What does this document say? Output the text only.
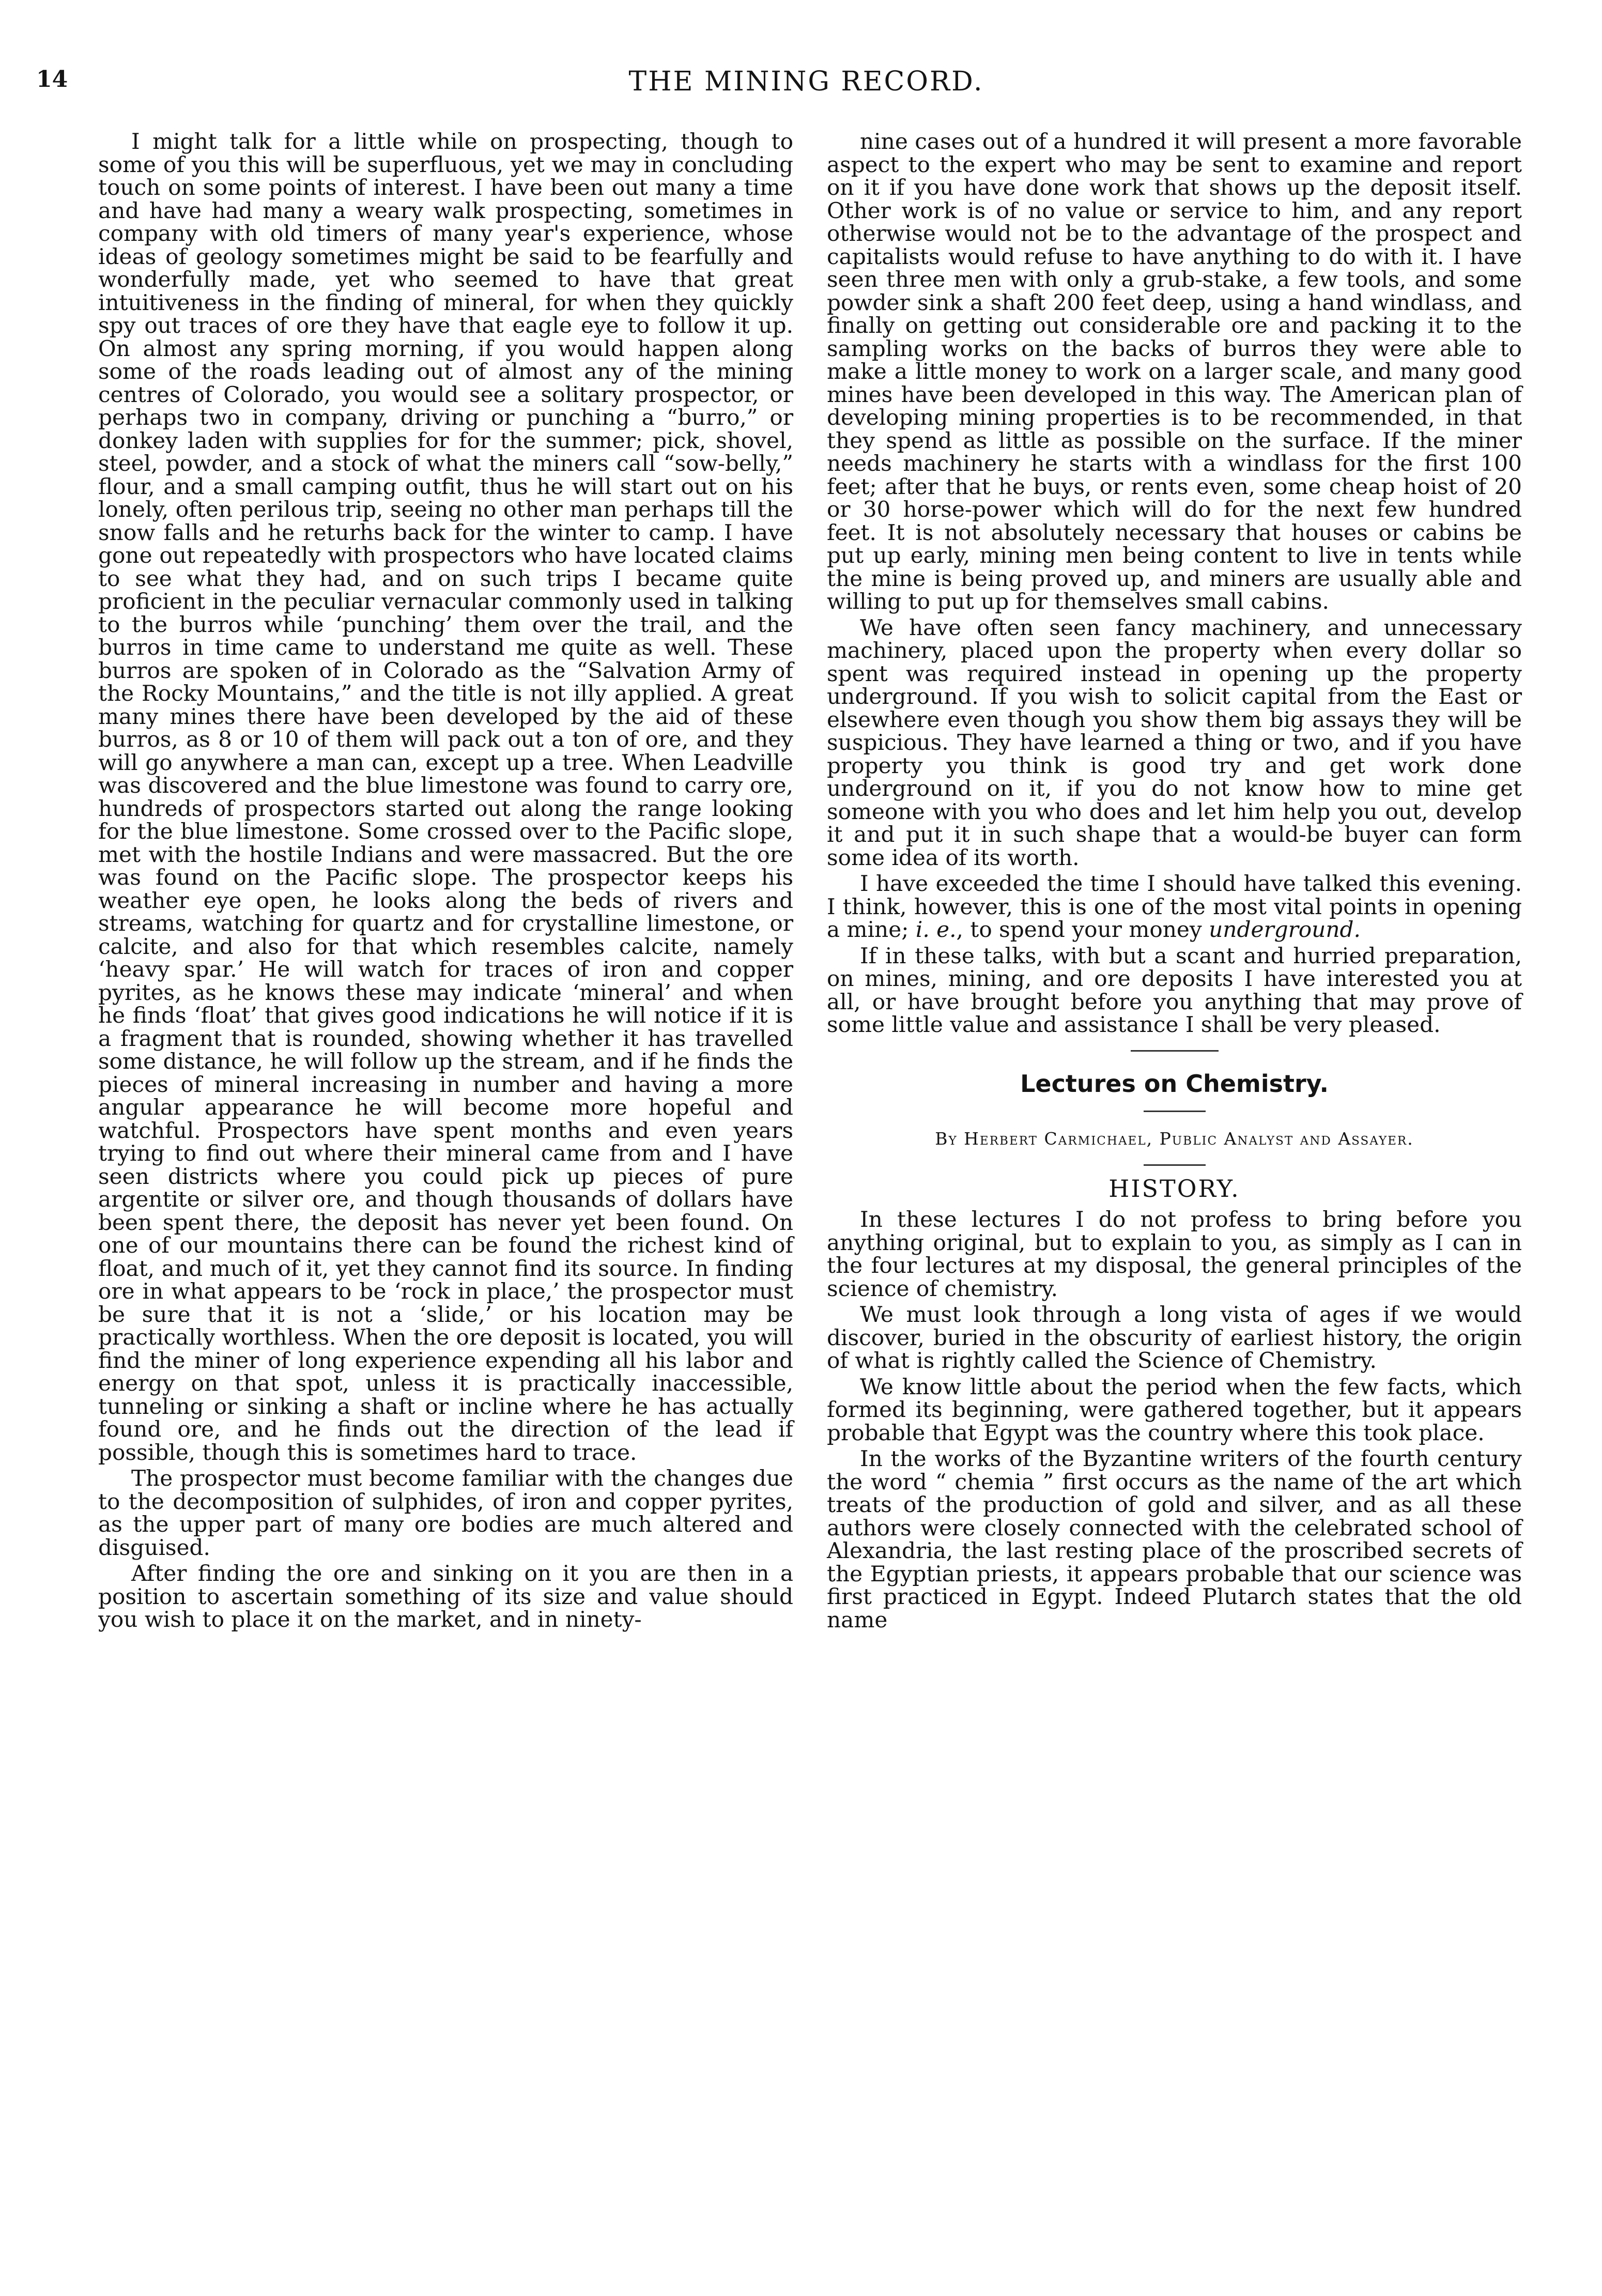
14	THE MINING RECORD.

I might talk for a little while on prospecting, though to some of you this will be superfluous, yet we may in concluding touch on some points of interest. I have been out many a time and have had many a weary walk prospecting, sometimes in company with old timers of many year's experience, whose ideas of geology sometimes might be said to be fearfully and wonderfully made, yet who seemed to have that great intuitiveness in the finding of mineral, for when they quickly spy out traces of ore they have that eagle eye to follow it up. On almost any spring morning, if you would happen along some of the roads leading out of almost any of the mining centres of Colorado, you would see a solitary prospector, or perhaps two in company, driving or punching a “burro,” or donkey laden with supplies for for the summer; pick, shovel, steel, powder, and a stock of what the miners call “sow-belly,” flour, and a small camping outfit, thus he will start out on his lonely, often perilous trip, seeing no other man perhaps till the snow falls and he returhs back for the winter to camp. I have gone out repeatedly with prospectors who have located claims to see what they had, and on such trips I became quite proficient in the peculiar vernacular commonly used in talking to the burros while ‘punching’ them over the trail, and the burros in time came to understand me quite as well. These burros are spoken of in Colorado as the “Salvation Army of the Rocky Mountains,” and the title is not illy applied. A great many mines there have been developed by the aid of these burros, as 8 or 10 of them will pack out a ton of ore, and they will go anywhere a man can, except up a tree. When Leadville was discovered and the blue limestone was found to carry ore, hundreds of prospectors started out along the range looking for the blue limestone. Some crossed over to the Pacific slope, met with the hostile Indians and were massacred. But the ore was found on the Pacific slope. The prospector keeps his weather eye open, he looks along the beds of rivers and streams, watching for quartz and for crystalline limestone, or calcite, and also for that which resembles calcite, namely ‘heavy spar.’ He will watch for traces of iron and copper pyrites, as he knows these may indicate ‘mineral’ and when he finds ‘float’ that gives good indications he will notice if it is a fragment that is rounded, showing whether it has travelled some distance, he will follow up the stream, and if he finds the pieces of mineral increasing in number and having a more angular appearance he will become more hopeful and watchful. Prospectors have spent months and even years trying to find out where their mineral came from and I have seen districts where you could pick up pieces of pure argentite or silver ore, and though thousands of dollars have been spent there, the deposit has never yet been found. On one of our mountains there can be found the richest kind of float, and much of it, yet they cannot find its source. In finding ore in what appears to be ‘rock in place,’ the prospector must be sure that it is not a ‘slide,’ or his location may be practically worthless. When the ore deposit is located, you will find the miner of long experience expending all his labor and energy on that spot, unless it is practically inaccessible, tunneling or sinking a shaft or incline where he has actually found ore, and he finds out the direction of the lead if possible, though this is sometimes hard to trace.

The prospector must become familiar with the changes due to the decomposition of sulphides, of iron and copper pyrites, as the upper part of many ore bodies are much altered and disguised.

After finding the ore and sinking on it you are then in a position to ascertain something of its size and value should you wish to place it on the market, and in ninety-

nine cases out of a hundred it will present a more favorable aspect to the expert who may be sent to examine and report on it if you have done work that shows up the deposit itself. Other work is of no value or service to him, and any report otherwise would not be to the advantage of the prospect and capitalists would refuse to have anything to do with it. I have seen three men with only a grub-stake, a few tools, and some powder sink a shaft 200 feet deep, using a hand windlass, and finally on getting out considerable ore and packing it to the sampling works on the backs of burros they were able to make a little money to work on a larger scale, and many good mines have been developed in this way. The American plan of developing mining properties is to be recommended, in that they spend as little as possible on the surface. If the miner needs machinery he starts with a windlass for the first 100 feet; after that he buys, or rents even, some cheap hoist of 20 or 30 horse-power which will do for the next few hundred feet. It is not absolutely necessary that houses or cabins be put up early, mining men being content to live in tents while the mine is being proved up, and miners are usually able and willing to put up for themselves small cabins.

We have often seen fancy machinery, and unnecessary machinery, placed upon the property when every dollar so spent was required instead in opening up the property underground. If you wish to solicit capital from the East or elsewhere even though you show them big assays they will be suspicious. They have learned a thing or two, and if you have property you think is good try and get work done underground on it, if you do not know how to mine get someone with you who does and let him help you out, develop it and put it in such shape that a would-be buyer can form some idea of its worth.

I have exceeded the time I should have talked this evening. I think, however, this is one of the most vital points in opening a mine; i. e., to spend your money underground.

If in these talks, with but a scant and hurried preparation, on mines, mining, and ore deposits I have interested you at all, or have brought before you anything that may prove of some little value and assistance I shall be very pleased.

Lectures on Chemistry.
By Herbert Carmichael, Public Analyst and Assayer.
HISTORY.

In these lectures I do not profess to bring before you anything original, but to explain to you, as simply as I can in the four lectures at my disposal, the general principles of the science of chemistry.

We must look through a long vista of ages if we would discover, buried in the obscurity of earliest history, the origin of what is rightly called the Science of Chemistry.

We know little about the period when the few facts, which formed its beginning, were gathered together, but it appears probable that Egypt was the country where this took place.

In the works of the Byzantine writers of the fourth century the word “ chemia ” first occurs as the name of the art which treats of the production of gold and silver, and as all these authors were closely connected with the celebrated school of Alexandria, the last resting place of the proscribed secrets of the Egyptian priests, it appears probable that our science was first practiced in Egypt. Indeed Plutarch states that the old name
